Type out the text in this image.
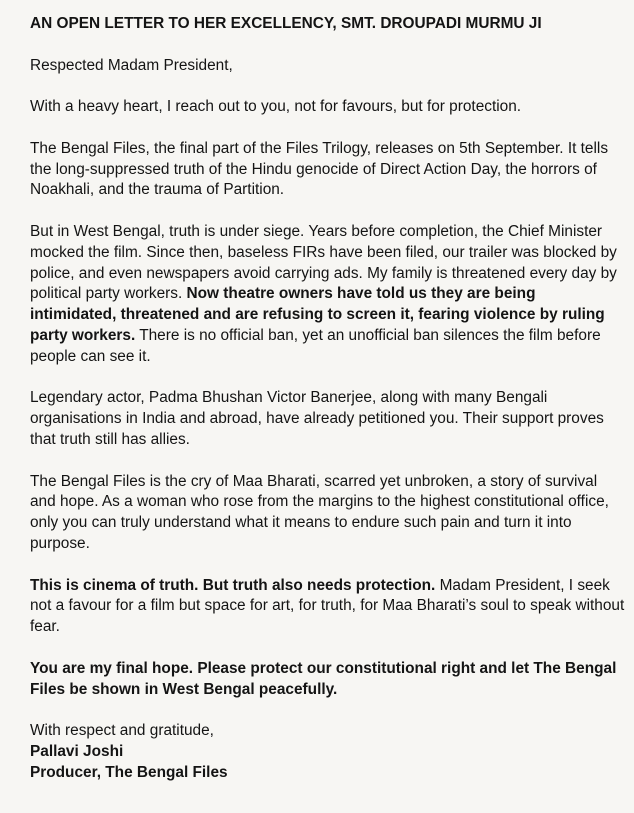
AN OPEN LETTER TO HER EXCELLENCY, SMT. DROUPADI MURMU JI
Respected Madam President,
With a heavy heart, I reach out to you, not for favours, but for protection.
The Bengal Files, the final part of the Files Trilogy, releases on 5th September. It tells the long-suppressed truth of the Hindu genocide of Direct Action Day, the horrors of Noakhali, and the trauma of Partition.
But in West Bengal, truth is under siege. Years before completion, the Chief Minister mocked the film. Since then, baseless FIRs have been filed, our trailer was blocked by police, and even newspapers avoid carrying ads. My family is threatened every day by political party workers. Now theatre owners have told us they are being intimidated, threatened and are refusing to screen it, fearing violence by ruling party workers. There is no official ban, yet an unofficial ban silences the film before people can see it.
Legendary actor, Padma Bhushan Victor Banerjee, along with many Bengali organisations in India and abroad, have already petitioned you. Their support proves that truth still has allies.
The Bengal Files is the cry of Maa Bharati, scarred yet unbroken, a story of survival and hope. As a woman who rose from the margins to the highest constitutional office, only you can truly understand what it means to endure such pain and turn it into purpose.
This is cinema of truth. But truth also needs protection. Madam President, I seek not a favour for a film but space for art, for truth, for Maa Bharati’s soul to speak without fear.
You are my final hope. Please protect our constitutional right and let The Bengal Files be shown in West Bengal peacefully.
With respect and gratitude,
Pallavi Joshi
Producer, The Bengal Files
